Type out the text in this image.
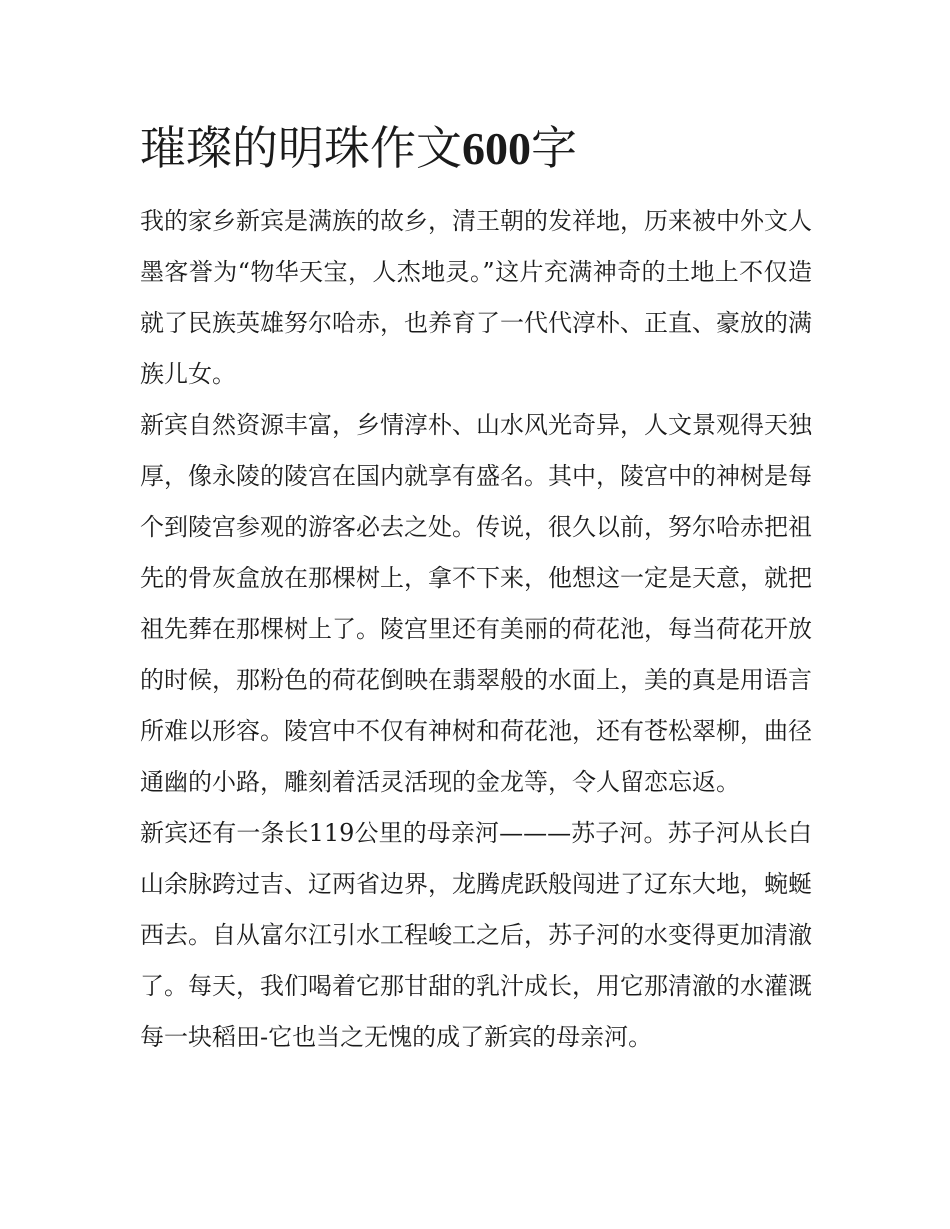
璀璨的明珠作文600字

我的家乡新宾是满族的故乡，清王朝的发祥地，历来被中外文人墨客誉为“物华天宝，人杰地灵。”这片充满神奇的土地上不仅造就了民族英雄努尔哈赤，也养育了一代代淳朴、正直、豪放的满族儿女。

新宾自然资源丰富，乡情淳朴、山水风光奇异，人文景观得天独厚，像永陵的陵宫在国内就享有盛名。其中，陵宫中的神树是每个到陵宫参观的游客必去之处。传说，很久以前，努尔哈赤把祖先的骨灰盒放在那棵树上，拿不下来，他想这一定是天意，就把祖先葬在那棵树上了。陵宫里还有美丽的荷花池，每当荷花开放的时候，那粉色的荷花倒映在翡翠般的水面上，美的真是用语言所难以形容。陵宫中不仅有神树和荷花池，还有苍松翠柳，曲径通幽的小路，雕刻着活灵活现的金龙等，令人留恋忘返。

新宾还有一条长119公里的母亲河———苏子河。苏子河从长白山余脉跨过吉、辽两省边界，龙腾虎跃般闯进了辽东大地，蜿蜒西去。自从富尔江引水工程峻工之后，苏子河的水变得更加清澈了。每天，我们喝着它那甘甜的乳汁成长，用它那清澈的水灌溉每一块稻田-它也当之无愧的成了新宾的母亲河。
